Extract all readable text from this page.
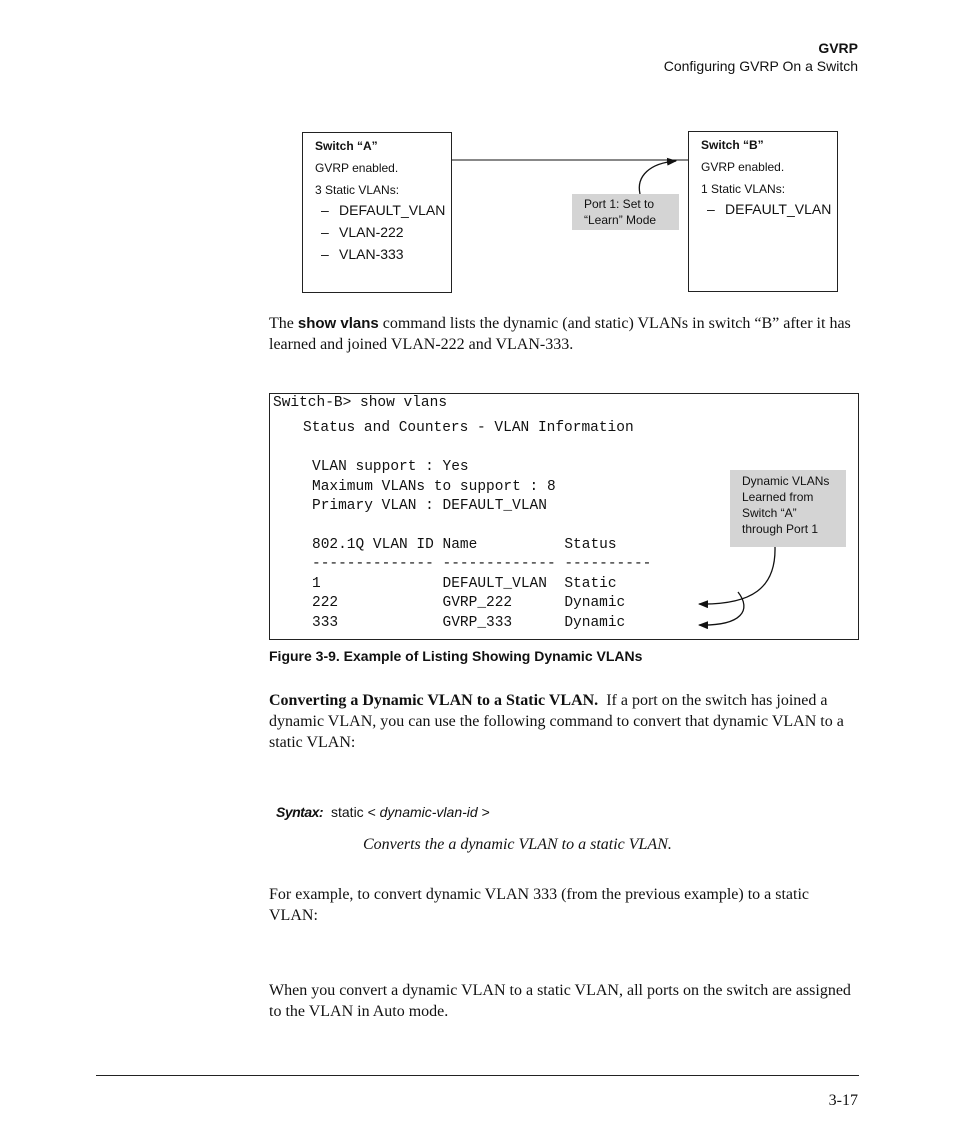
GVRP
Configuring GVRP On a Switch
Switch “A”
GVRP enabled.
3 Static VLANs:
– DEFAULT_VLAN
– VLAN-222
– VLAN-333
Switch “B”
GVRP enabled.
1 Static VLANs:
– DEFAULT_VLAN
Port 1: Set to
“Learn” Mode
The show vlans command lists the dynamic (and static) VLANs in switch “B” after it has learned and joined VLAN-222 and VLAN-333.
Switch-B> show vlans
Status and Counters - VLAN Information
VLAN support : Yes
Maximum VLANs to support : 8
Primary VLAN : DEFAULT_VLAN
802.1Q VLAN ID Name          Status
-------------- ------------- ----------
1              DEFAULT_VLAN  Static
222            GVRP_222      Dynamic
333            GVRP_333      Dynamic
Dynamic VLANs
Learned from
Switch “A”
through Port 1
Figure 3-9. Example of Listing Showing Dynamic VLANs
Converting a Dynamic VLAN to a Static VLAN. If a port on the switch has joined a dynamic VLAN, you can use the following command to convert that dynamic VLAN to a static VLAN:
Syntax: static < dynamic-vlan-id >
Converts the a dynamic VLAN to a static VLAN.
For example, to convert dynamic VLAN 333 (from the previous example) to a static VLAN:
When you convert a dynamic VLAN to a static VLAN, all ports on the switch are assigned to the VLAN in Auto mode.
3-17
